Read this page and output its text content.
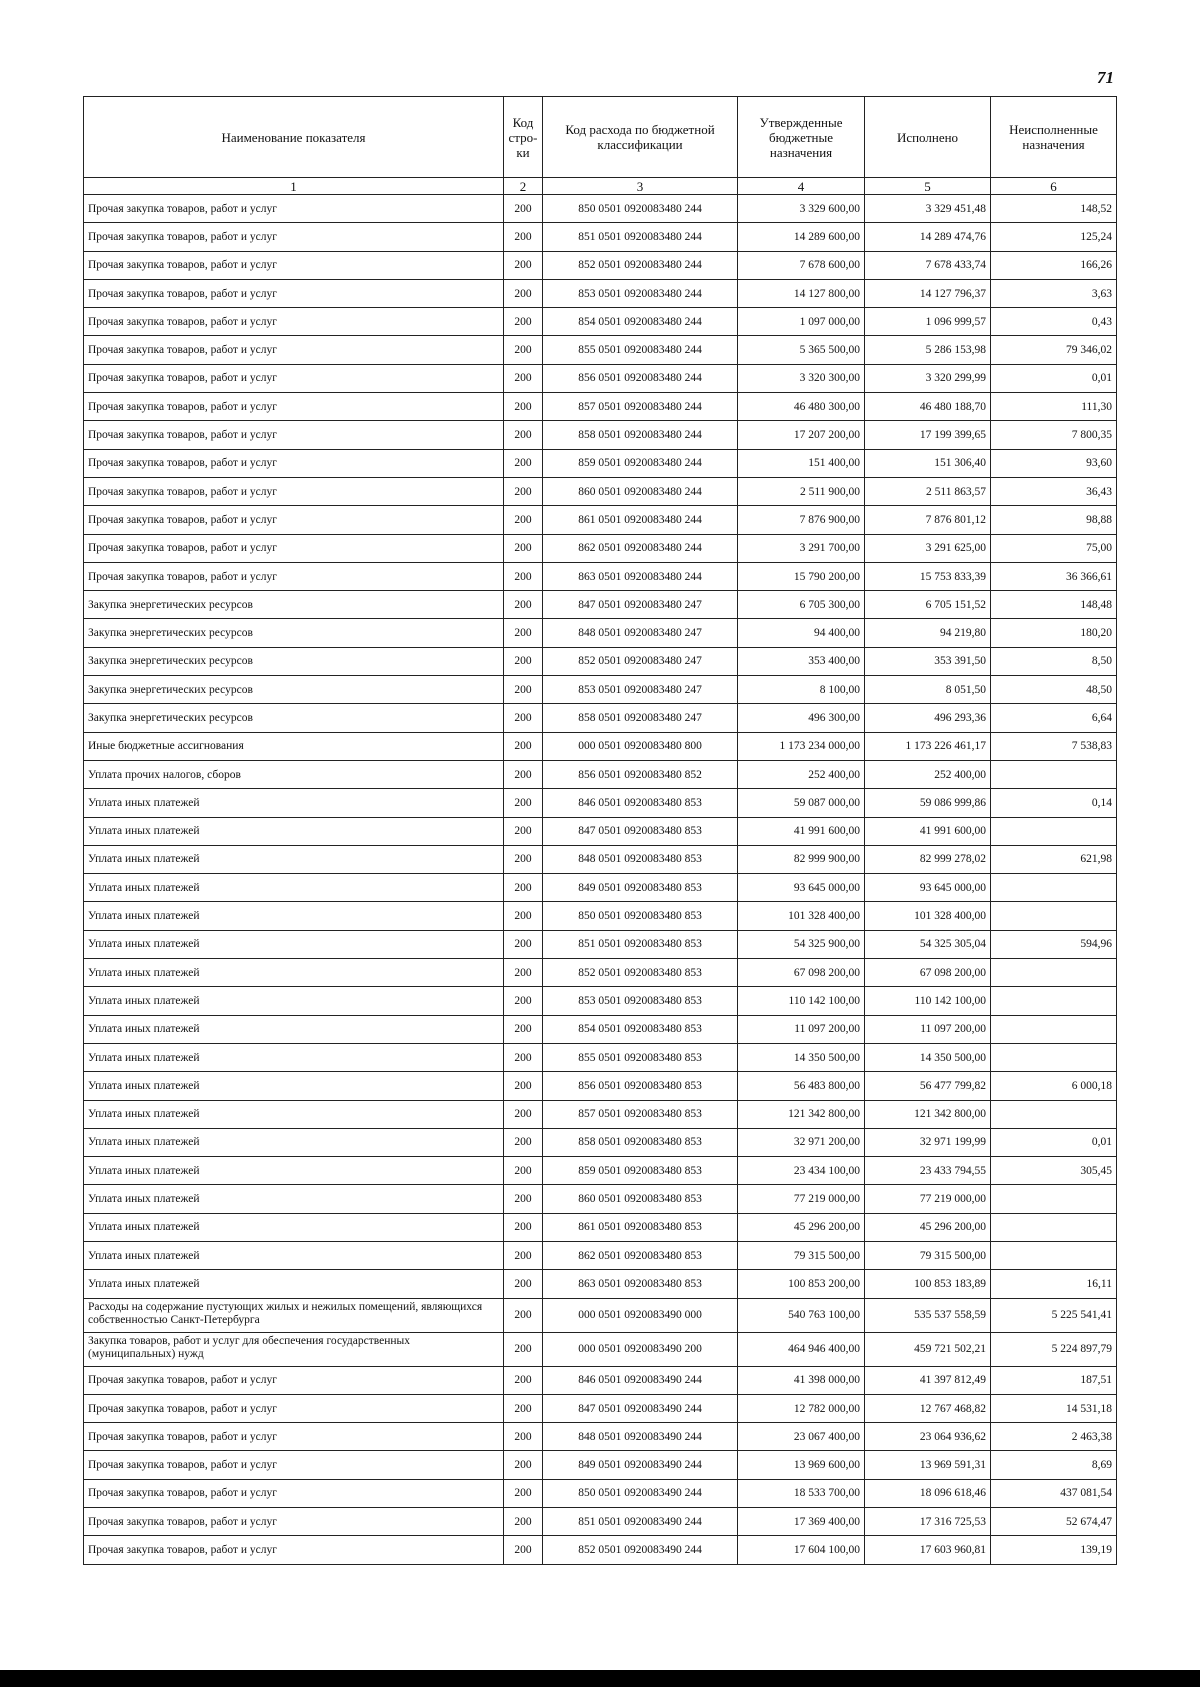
71
Наименование показателя	Код стро- ки	Код расхода по бюджетной классификации	Утвержденные бюджетные назначения	Исполнено	Неисполненные назначения
1	2	3	4	5	6
Прочая закупка товаров, работ и услуг	200	850 0501 0920083480 244	3 329 600,00	3 329 451,48	148,52
Прочая закупка товаров, работ и услуг	200	851 0501 0920083480 244	14 289 600,00	14 289 474,76	125,24
Прочая закупка товаров, работ и услуг	200	852 0501 0920083480 244	7 678 600,00	7 678 433,74	166,26
Прочая закупка товаров, работ и услуг	200	853 0501 0920083480 244	14 127 800,00	14 127 796,37	3,63
Прочая закупка товаров, работ и услуг	200	854 0501 0920083480 244	1 097 000,00	1 096 999,57	0,43
Прочая закупка товаров, работ и услуг	200	855 0501 0920083480 244	5 365 500,00	5 286 153,98	79 346,02
Прочая закупка товаров, работ и услуг	200	856 0501 0920083480 244	3 320 300,00	3 320 299,99	0,01
Прочая закупка товаров, работ и услуг	200	857 0501 0920083480 244	46 480 300,00	46 480 188,70	111,30
Прочая закупка товаров, работ и услуг	200	858 0501 0920083480 244	17 207 200,00	17 199 399,65	7 800,35
Прочая закупка товаров, работ и услуг	200	859 0501 0920083480 244	151 400,00	151 306,40	93,60
Прочая закупка товаров, работ и услуг	200	860 0501 0920083480 244	2 511 900,00	2 511 863,57	36,43
Прочая закупка товаров, работ и услуг	200	861 0501 0920083480 244	7 876 900,00	7 876 801,12	98,88
Прочая закупка товаров, работ и услуг	200	862 0501 0920083480 244	3 291 700,00	3 291 625,00	75,00
Прочая закупка товаров, работ и услуг	200	863 0501 0920083480 244	15 790 200,00	15 753 833,39	36 366,61
Закупка энергетических ресурсов	200	847 0501 0920083480 247	6 705 300,00	6 705 151,52	148,48
Закупка энергетических ресурсов	200	848 0501 0920083480 247	94 400,00	94 219,80	180,20
Закупка энергетических ресурсов	200	852 0501 0920083480 247	353 400,00	353 391,50	8,50
Закупка энергетических ресурсов	200	853 0501 0920083480 247	8 100,00	8 051,50	48,50
Закупка энергетических ресурсов	200	858 0501 0920083480 247	496 300,00	496 293,36	6,64
Иные бюджетные ассигнования	200	000 0501 0920083480 800	1 173 234 000,00	1 173 226 461,17	7 538,83
Уплата прочих налогов, сборов	200	856 0501 0920083480 852	252 400,00	252 400,00	
Уплата иных платежей	200	846 0501 0920083480 853	59 087 000,00	59 086 999,86	0,14
Уплата иных платежей	200	847 0501 0920083480 853	41 991 600,00	41 991 600,00	
Уплата иных платежей	200	848 0501 0920083480 853	82 999 900,00	82 999 278,02	621,98
Уплата иных платежей	200	849 0501 0920083480 853	93 645 000,00	93 645 000,00	
Уплата иных платежей	200	850 0501 0920083480 853	101 328 400,00	101 328 400,00	
Уплата иных платежей	200	851 0501 0920083480 853	54 325 900,00	54 325 305,04	594,96
Уплата иных платежей	200	852 0501 0920083480 853	67 098 200,00	67 098 200,00	
Уплата иных платежей	200	853 0501 0920083480 853	110 142 100,00	110 142 100,00	
Уплата иных платежей	200	854 0501 0920083480 853	11 097 200,00	11 097 200,00	
Уплата иных платежей	200	855 0501 0920083480 853	14 350 500,00	14 350 500,00	
Уплата иных платежей	200	856 0501 0920083480 853	56 483 800,00	56 477 799,82	6 000,18
Уплата иных платежей	200	857 0501 0920083480 853	121 342 800,00	121 342 800,00	
Уплата иных платежей	200	858 0501 0920083480 853	32 971 200,00	32 971 199,99	0,01
Уплата иных платежей	200	859 0501 0920083480 853	23 434 100,00	23 433 794,55	305,45
Уплата иных платежей	200	860 0501 0920083480 853	77 219 000,00	77 219 000,00	
Уплата иных платежей	200	861 0501 0920083480 853	45 296 200,00	45 296 200,00	
Уплата иных платежей	200	862 0501 0920083480 853	79 315 500,00	79 315 500,00	
Уплата иных платежей	200	863 0501 0920083480 853	100 853 200,00	100 853 183,89	16,11
Расходы на содержание пустующих жилых и нежилых помещений, являющихся собственностью Санкт-Петербурга	200	000 0501 0920083490 000	540 763 100,00	535 537 558,59	5 225 541,41
Закупка товаров, работ и услуг для обеспечения государственных (муниципальных) нужд	200	000 0501 0920083490 200	464 946 400,00	459 721 502,21	5 224 897,79
Прочая закупка товаров, работ и услуг	200	846 0501 0920083490 244	41 398 000,00	41 397 812,49	187,51
Прочая закупка товаров, работ и услуг	200	847 0501 0920083490 244	12 782 000,00	12 767 468,82	14 531,18
Прочая закупка товаров, работ и услуг	200	848 0501 0920083490 244	23 067 400,00	23 064 936,62	2 463,38
Прочая закупка товаров, работ и услуг	200	849 0501 0920083490 244	13 969 600,00	13 969 591,31	8,69
Прочая закупка товаров, работ и услуг	200	850 0501 0920083490 244	18 533 700,00	18 096 618,46	437 081,54
Прочая закупка товаров, работ и услуг	200	851 0501 0920083490 244	17 369 400,00	17 316 725,53	52 674,47
Прочая закупка товаров, работ и услуг	200	852 0501 0920083490 244	17 604 100,00	17 603 960,81	139,19
